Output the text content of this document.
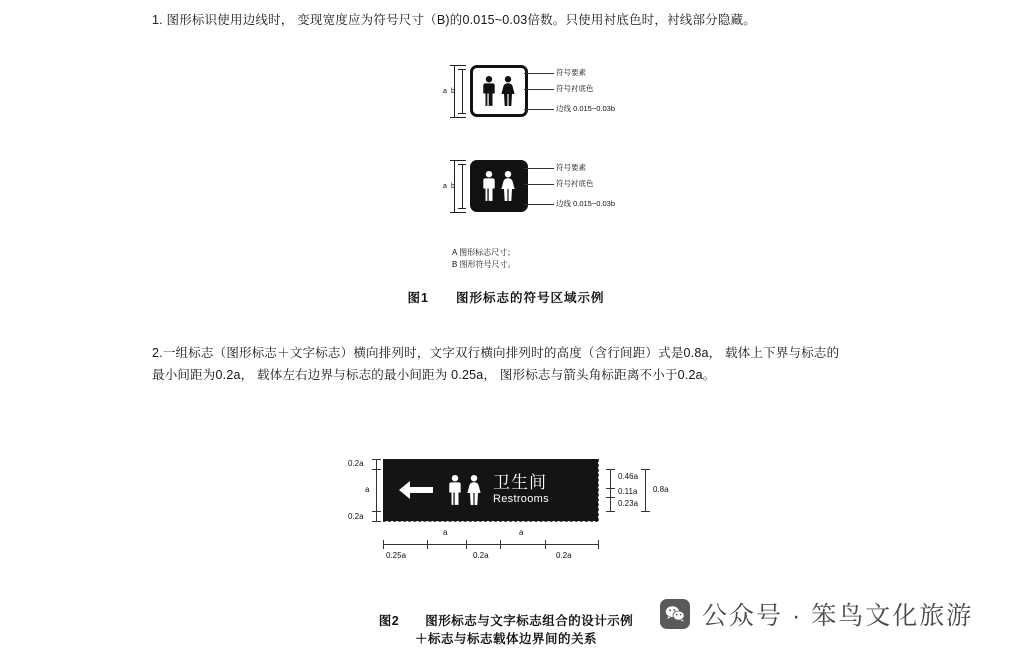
1. 图形标识使用边线时， 变现宽度应为符号尺寸（B)的0.015~0.03倍数。只使用衬底色时，衬线部分隐藏。
a b
符号要素
符号衬底色
边线 0.015~0.03b
a b
符号要素
符号衬底色
边线 0.015~0.03b
A 图形标志尺寸；
B 图形符号尺寸。
图1　　图形标志的符号区域示例
2.一组标志（图形标志＋文字标志）横向排列时，文字双行横向排列时的高度（含行间距）式是0.8a， 载体上下界与标志的最小间距为0.2a， 载体左右边界与标志的最小间距为 0.25a， 图形标志与箭头角标距离不小于0.2a。
卫生间
Restrooms
0.2a
a
0.2a
0.46a
0.11a
0.23a
0.8a
0.25a
a
0.2a
a
0.2a
图2　　图形标志与文字标志组合的设计示例
＋标志与标志载体边界间的关系
公众号 · 笨鸟文化旅游
